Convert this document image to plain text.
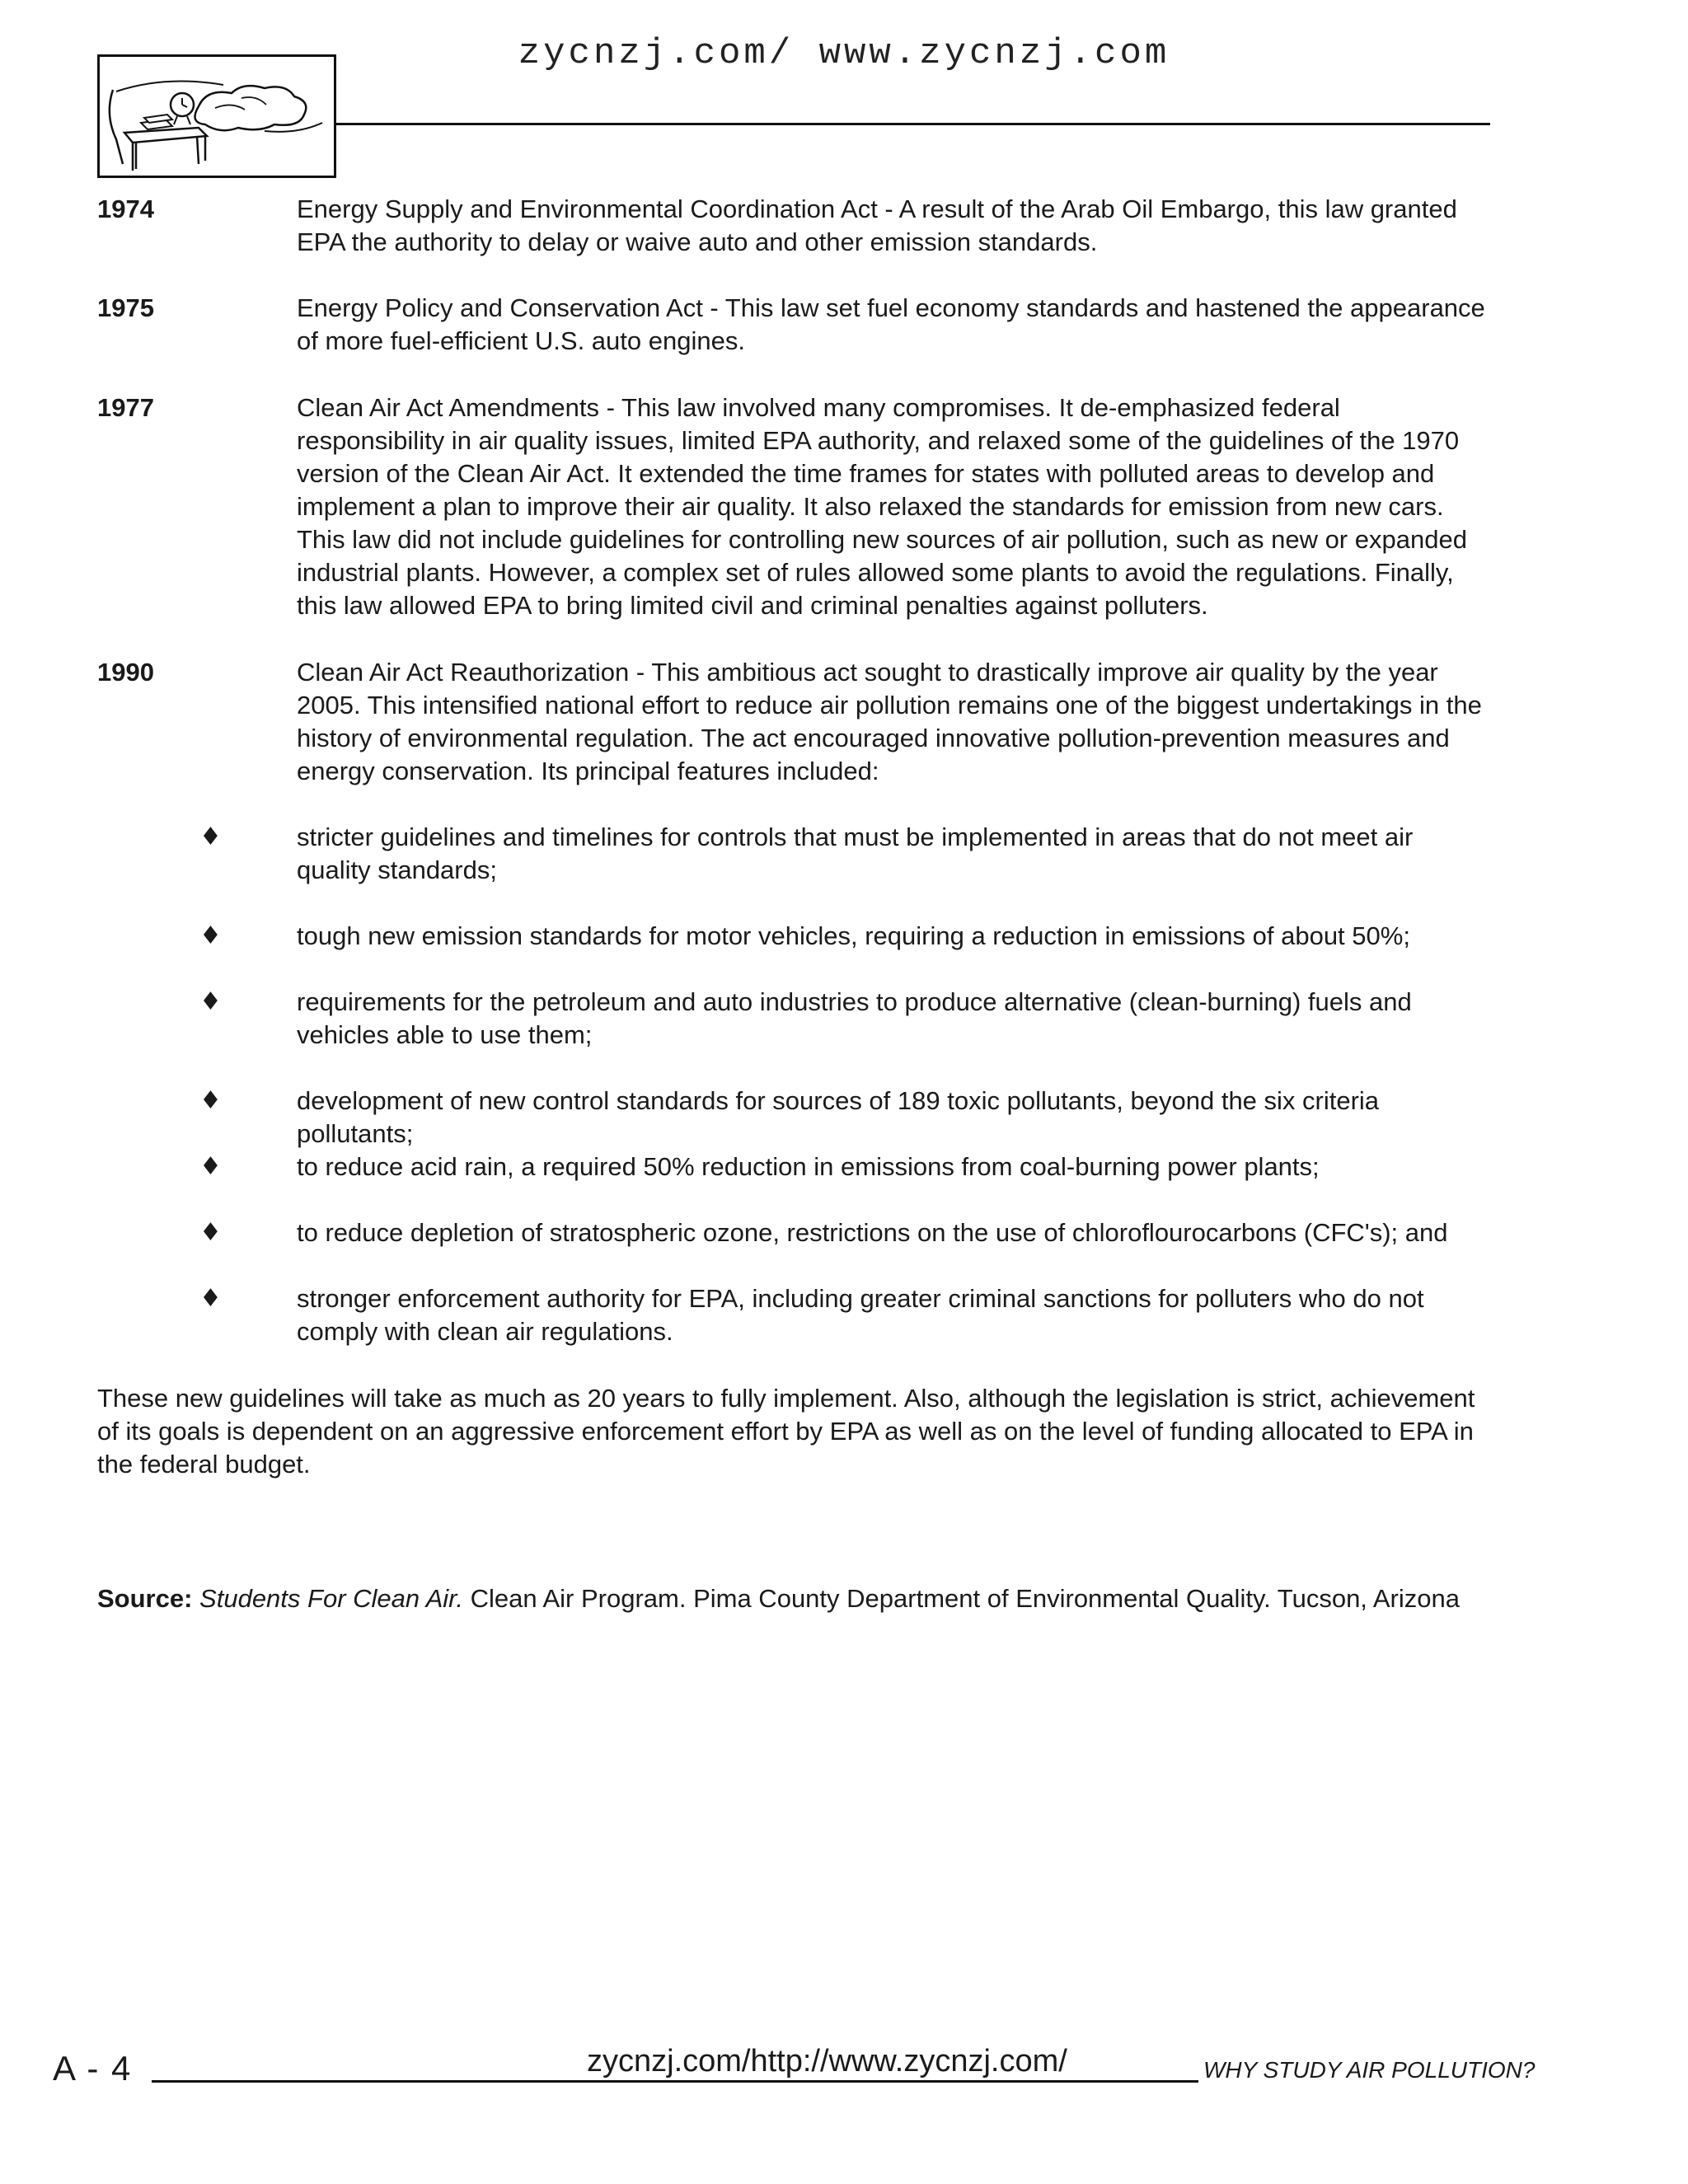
zycnzj.com/ www.zycnzj.com
1974	Energy Supply and Environmental Coordination Act - A result of the Arab Oil Embargo, this law granted EPA the authority to delay or waive auto and other emission standards.
1975	Energy Policy and Conservation Act - This law set fuel economy standards and hastened the appearance of more fuel-efficient U.S. auto engines.
1977	Clean Air Act Amendments - This law involved many compromises. It de-emphasized federal responsibility in air quality issues, limited EPA authority, and relaxed some of the guidelines of the 1970 version of the Clean Air Act. It extended the time frames for states with polluted areas to develop and implement a plan to improve their air quality. It also relaxed the standards for emission from new cars. This law did not include guidelines for controlling new sources of air pollution, such as new or expanded industrial plants. However, a complex set of rules allowed some plants to avoid the regulations. Finally, this law allowed EPA to bring limited civil and criminal penalties against polluters.
1990	Clean Air Act Reauthorization - This ambitious act sought to drastically improve air quality by the year 2005. This intensified national effort to reduce air pollution remains one of the biggest undertakings in the history of environmental regulation. The act encouraged innovative pollution-prevention measures and energy conservation. Its principal features included:
♦	stricter guidelines and timelines for controls that must be implemented in areas that do not meet air quality standards;
♦	tough new emission standards for motor vehicles, requiring a reduction in emissions of about 50%;
♦	requirements for the petroleum and auto industries to produce alternative (clean-burning) fuels and vehicles able to use them;
♦	development of new control standards for sources of 189 toxic pollutants, beyond the six criteria pollutants;
♦	to reduce acid rain, a required 50% reduction in emissions from coal-burning power plants;
♦	to reduce depletion of stratospheric ozone, restrictions on the use of chloroflourocarbons (CFC's); and
♦	stronger enforcement authority for EPA, including greater criminal sanctions for polluters who do not comply with clean air regulations.
These new guidelines will take as much as 20 years to fully implement. Also, although the legislation is strict, achievement of its goals is dependent on an aggressive enforcement effort by EPA as well as on the level of funding allocated to EPA in the federal budget.
Source: Students For Clean Air. Clean Air Program. Pima County Department of Environmental Quality. Tucson, Arizona
A - 4	zycnzj.com/http://www.zycnzj.com/	WHY STUDY AIR POLLUTION?
